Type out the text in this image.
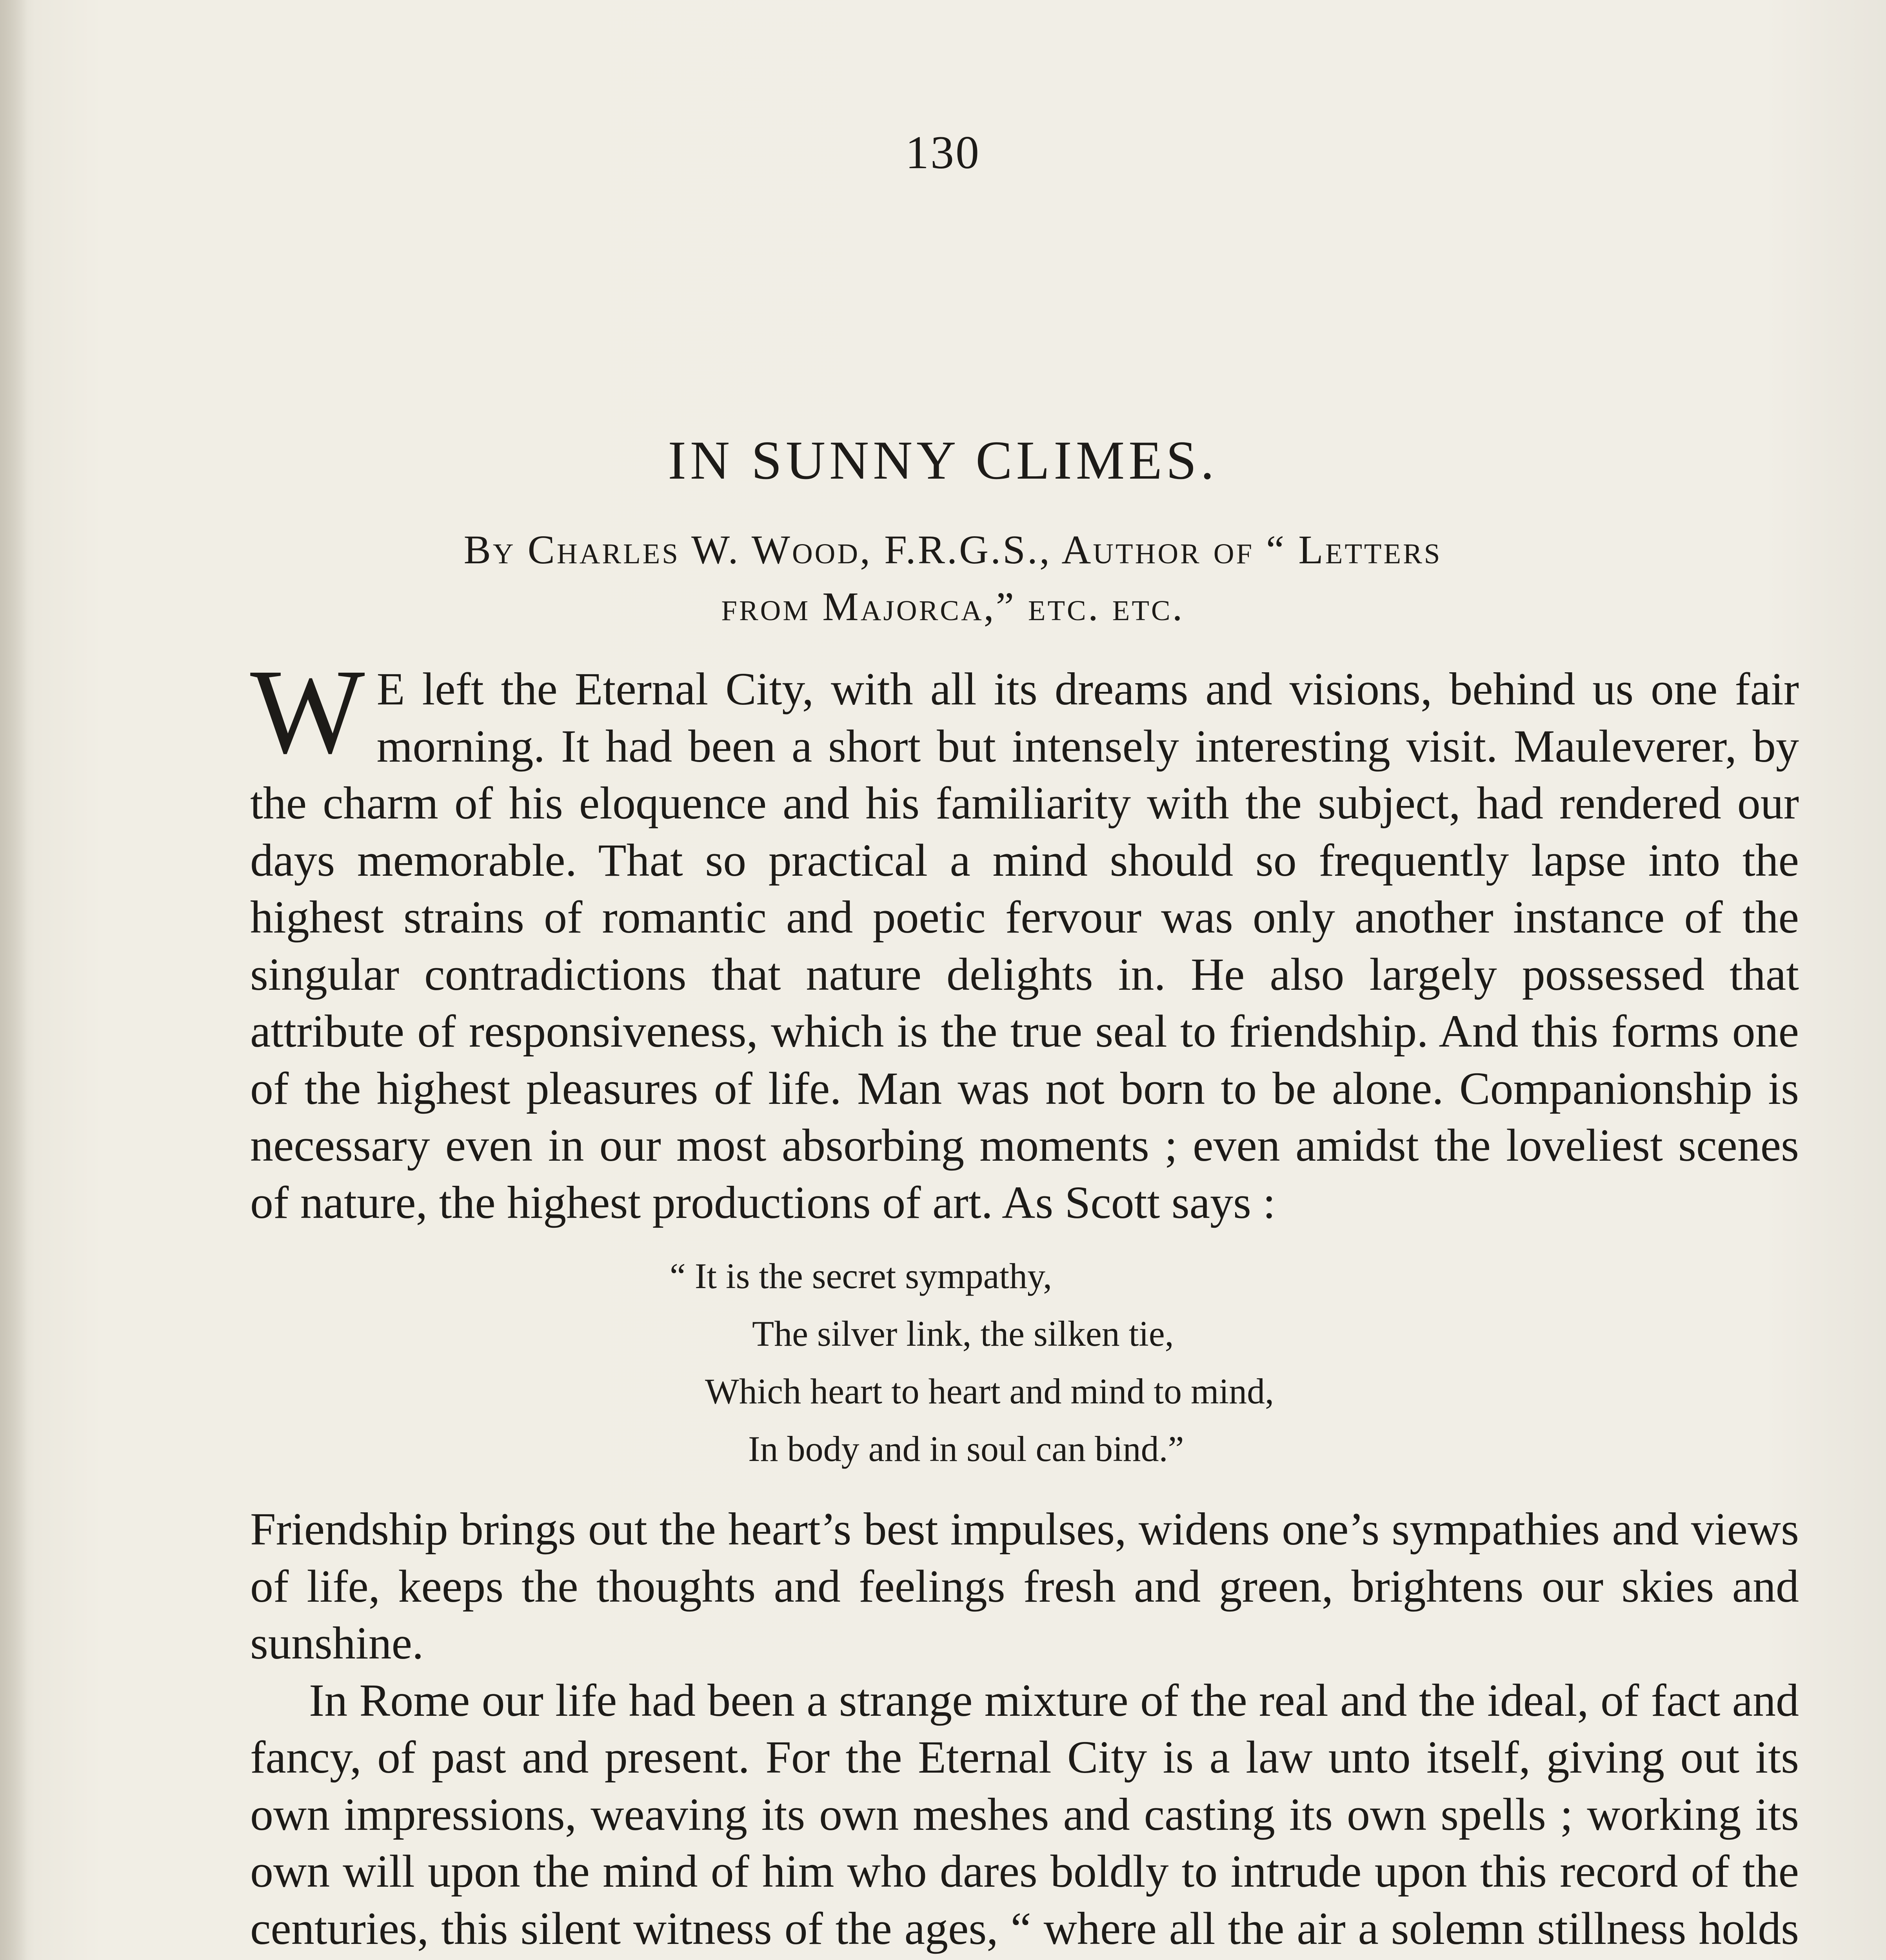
130
IN SUNNY CLIMES.
By Charles W. Wood, F.R.G.S., Author of “ Letters
from Majorca,” etc. etc.

W E left the Eternal City, with all its dreams and visions, behind us one fair morning. It had been a short but intensely interesting visit. Mauleverer, by the charm of his eloquence and his familiarity with the subject, had rendered our days memorable. That so practical a mind should so frequently lapse into the highest strains of romantic and poetic fervour was only another instance of the singular contradictions that nature delights in. He also largely possessed that attribute of responsiveness, which is the true seal to friendship. And this forms one of the highest pleasures of life. Man was not born to be alone. Companionship is necessary even in our most absorbing moments ; even amidst the loveliest scenes of nature, the highest productions of art. As Scott says :

“ It is the secret sympathy,
The silver link, the silken tie,
Which heart to heart and mind to mind,
In body and in soul can bind.”

Friendship brings out the heart’s best impulses, widens one’s sympathies and views of life, keeps the thoughts and feelings fresh and green, brightens our skies and sunshine.

In Rome our life had been a strange mixture of the real and the ideal, of fact and fancy, of past and present. For the Eternal City is a law unto itself, giving out its own impressions, weaving its own meshes and casting its own spells ; working its own will upon the mind of him who dares boldly to intrude upon this record of the centuries, this silent witness of the ages, “ where all the air a solemn stillness holds
